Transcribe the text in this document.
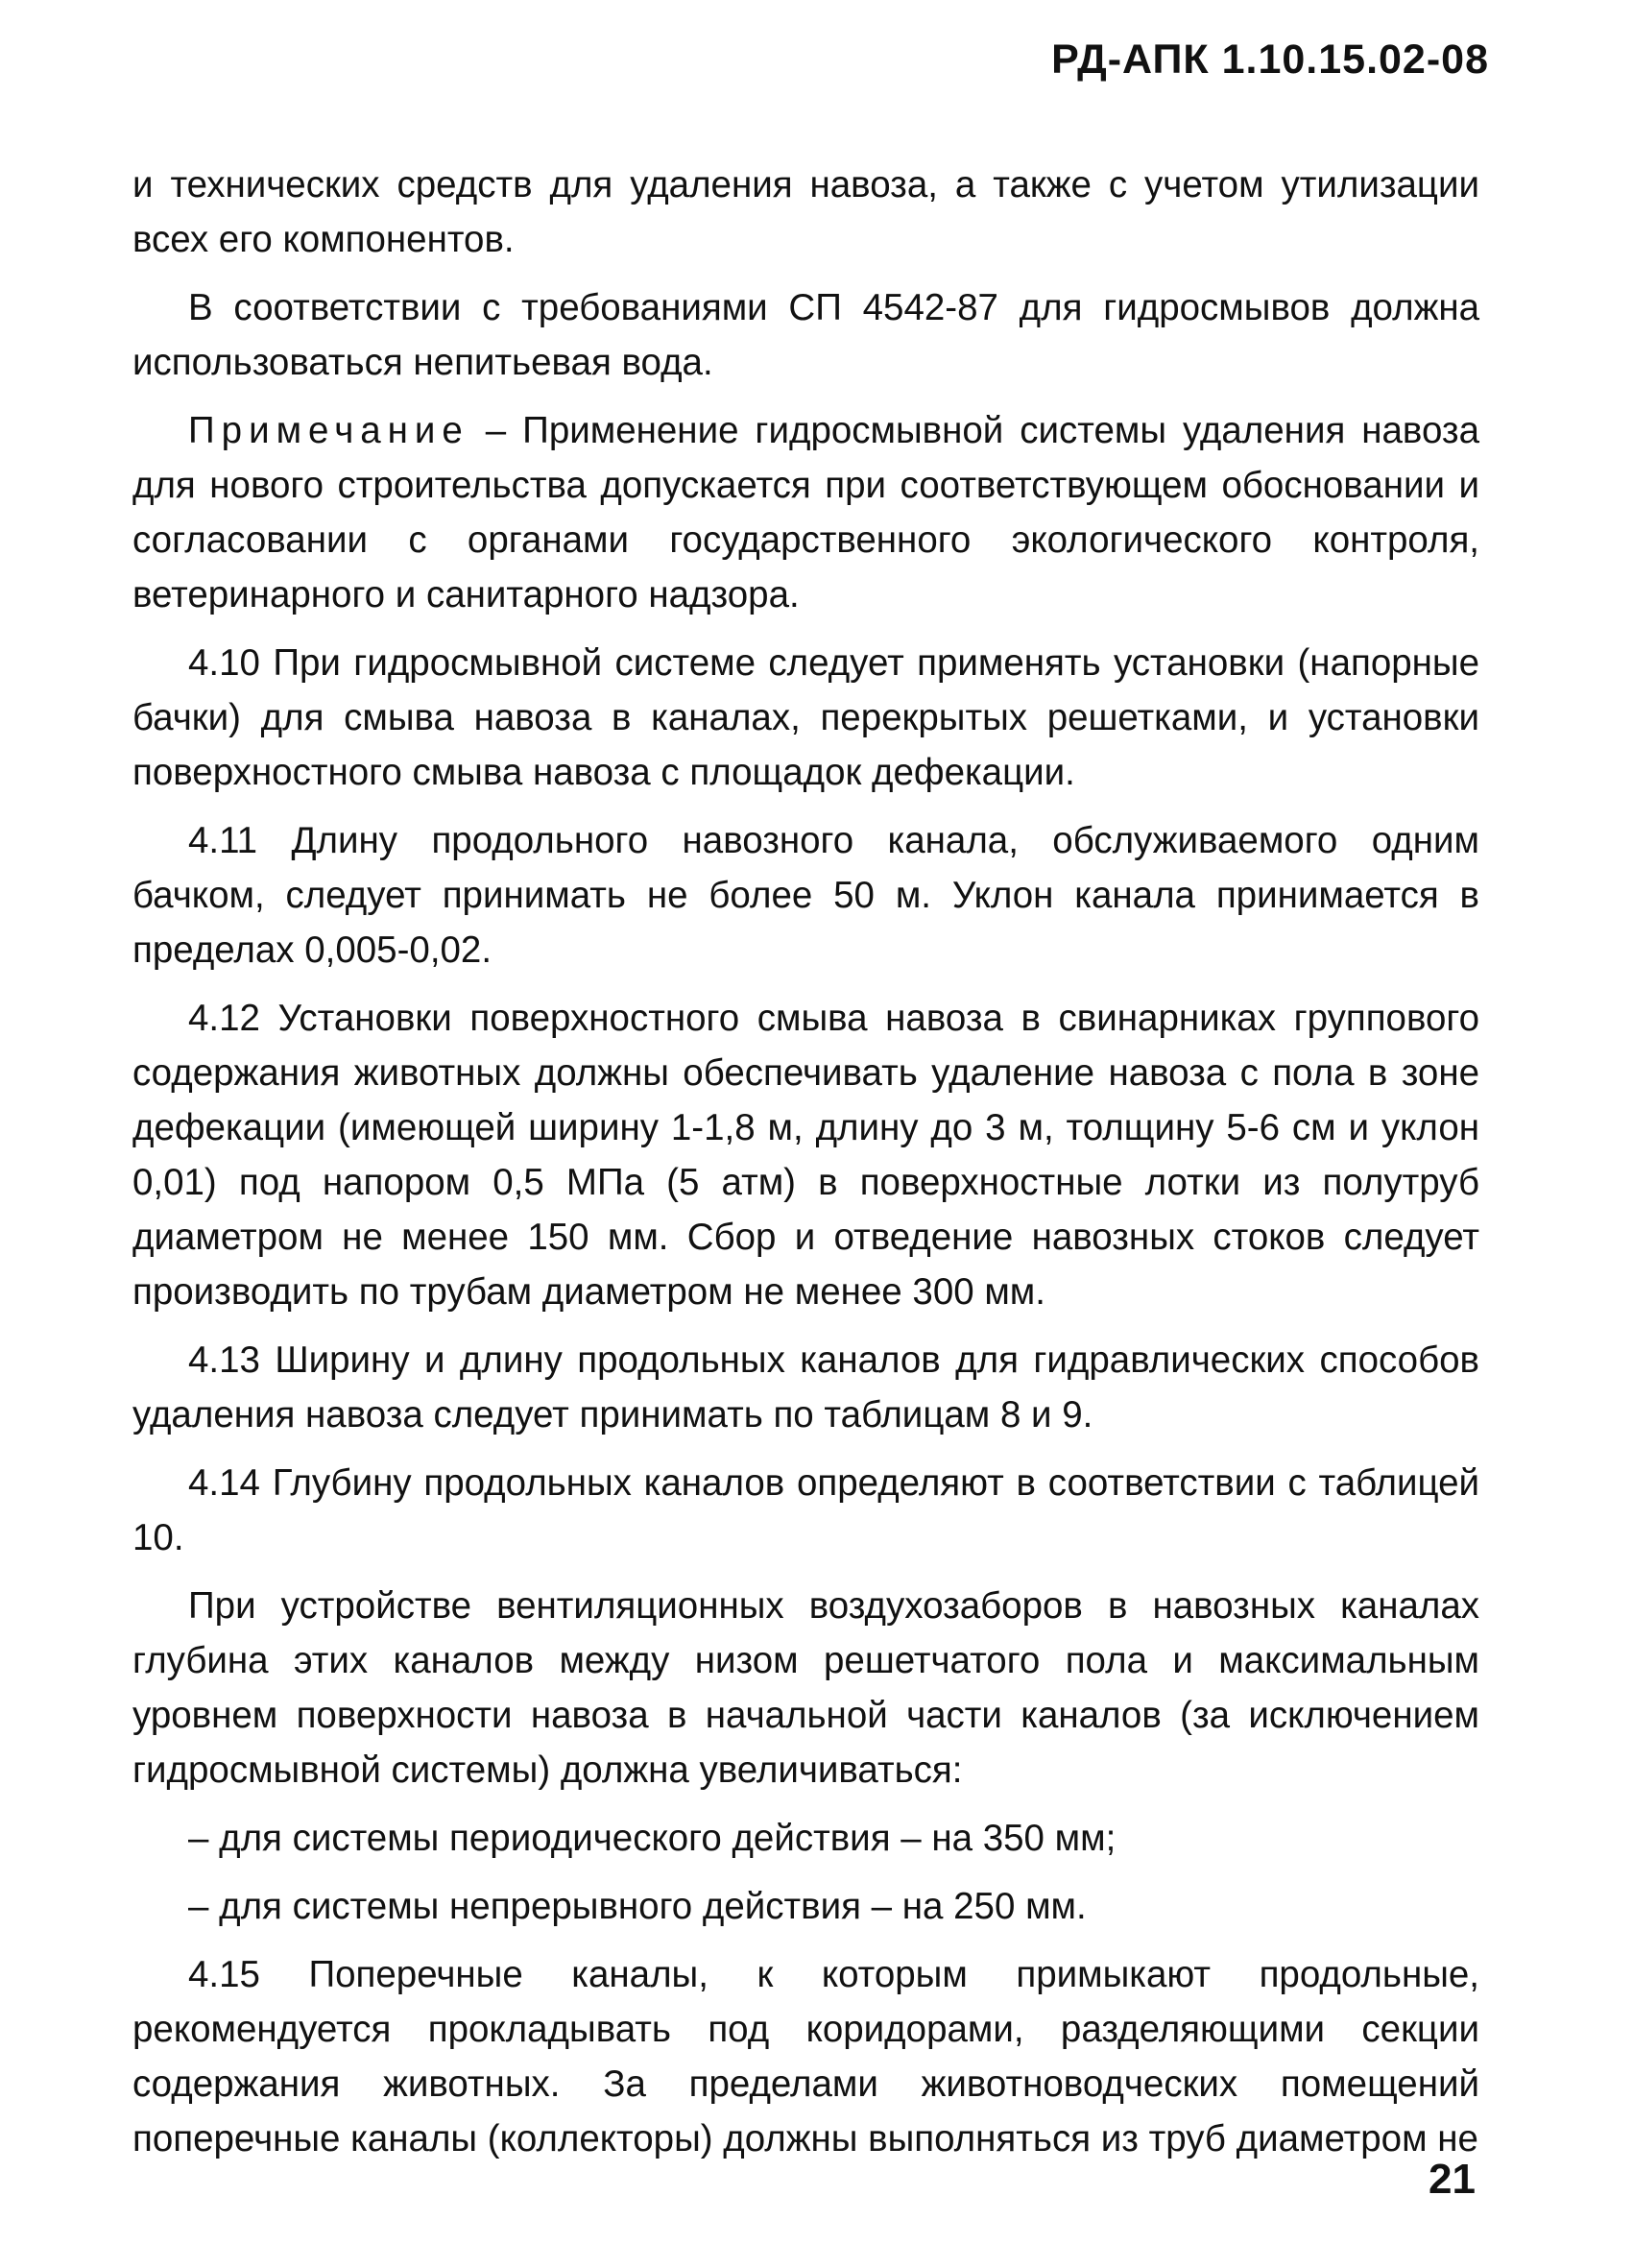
РД-АПК 1.10.15.02-08

и технических средств для удаления навоза, а также с учетом утилизации всех его компонентов.

В соответствии с требованиями СП 4542-87 для гидросмывов должна использоваться непитьевая вода.

Примечание – Применение гидросмывной системы удаления навоза для нового строительства допускается при соответствующем обосновании и согласовании с органами государственного экологического контроля, ветеринарного и санитарного надзора.

4.10 При гидросмывной системе следует применять установки (напорные бачки) для смыва навоза в каналах, перекрытых решетками, и установки поверхностного смыва навоза с площадок дефекации.

4.11 Длину продольного навозного канала, обслуживаемого одним бачком, следует принимать не более 50 м. Уклон канала принимается в пределах 0,005-0,02.

4.12 Установки поверхностного смыва навоза в свинарниках группового содержания животных должны обеспечивать удаление навоза с пола в зоне дефекации (имеющей ширину 1-1,8 м, длину до 3 м, толщину 5-6 см и уклон 0,01) под напором 0,5 МПа (5 атм) в поверхностные лотки из полутруб диаметром не менее 150 мм. Сбор и отведение навозных стоков следует производить по трубам диаметром не менее 300 мм.

4.13 Ширину и длину продольных каналов для гидравлических способов удаления навоза следует принимать по таблицам 8 и 9.

4.14 Глубину продольных каналов определяют в соответствии с таблицей 10.

При устройстве вентиляционных воздухозаборов в навозных каналах глубина этих каналов между низом решетчатого пола и максимальным уровнем поверхности навоза в начальной части каналов (за исключением гидросмывной системы) должна увеличиваться:

– для системы периодического действия – на 350 мм;

– для системы непрерывного действия – на 250 мм.

4.15 Поперечные каналы, к которым примыкают продольные, рекомендуется прокладывать под коридорами, разделяющими секции содержания животных. За пределами животноводческих помещений поперечные каналы (коллекторы) должны выполняться из труб диаметром не

21
